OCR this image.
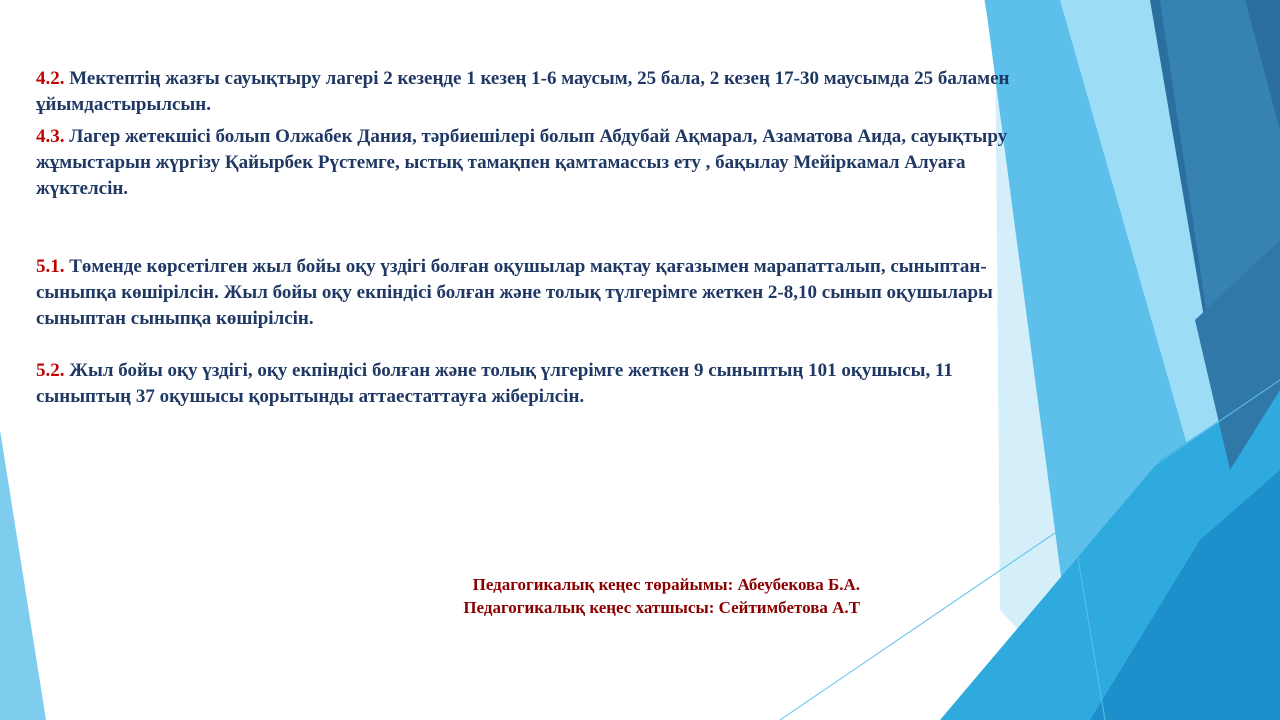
4.2. Мектептің жазғы сауықтыру лагері 2 кезеңде 1 кезең 1-6 маусым, 25 бала, 2 кезең 17-30 маусымда 25 баламен ұйымдастырылсын.

4.3. Лагер жетекшісі болып Олжабек Дания, тәрбиешілері болып Абдубай Ақмарал, Азаматова Аида, сауықтыру жұмыстарын жүргізу Қайырбек Рүстемге, ыстық тамақпен қамтамассыз ету , бақылау Мейіркамал Алуаға жүктелсін.

5.1. Төменде көрсетілген жыл бойы оқу үздігі болған оқушылар мақтау қағазымен марапатталып, сыныптан-сыныпқа көшірілсін. Жыл бойы оқу екпіндісі болған және толық түлгерімге жеткен 2-8,10 сынып оқушылары сыныптан сыныпқа көшірілсін.

5.2. Жыл бойы оқу үздігі, оқу екпіндісі болған және толық үлгерімге жеткен 9 сыныптың 101 оқушысы, 11 сыныптың 37 оқушысы қорытынды аттаестаттауға жіберілсін.

Педагогикалық кеңес төрайымы: Абеубекова Б.А.
Педагогикалық кеңес хатшысы: Сейтимбетова А.Т
